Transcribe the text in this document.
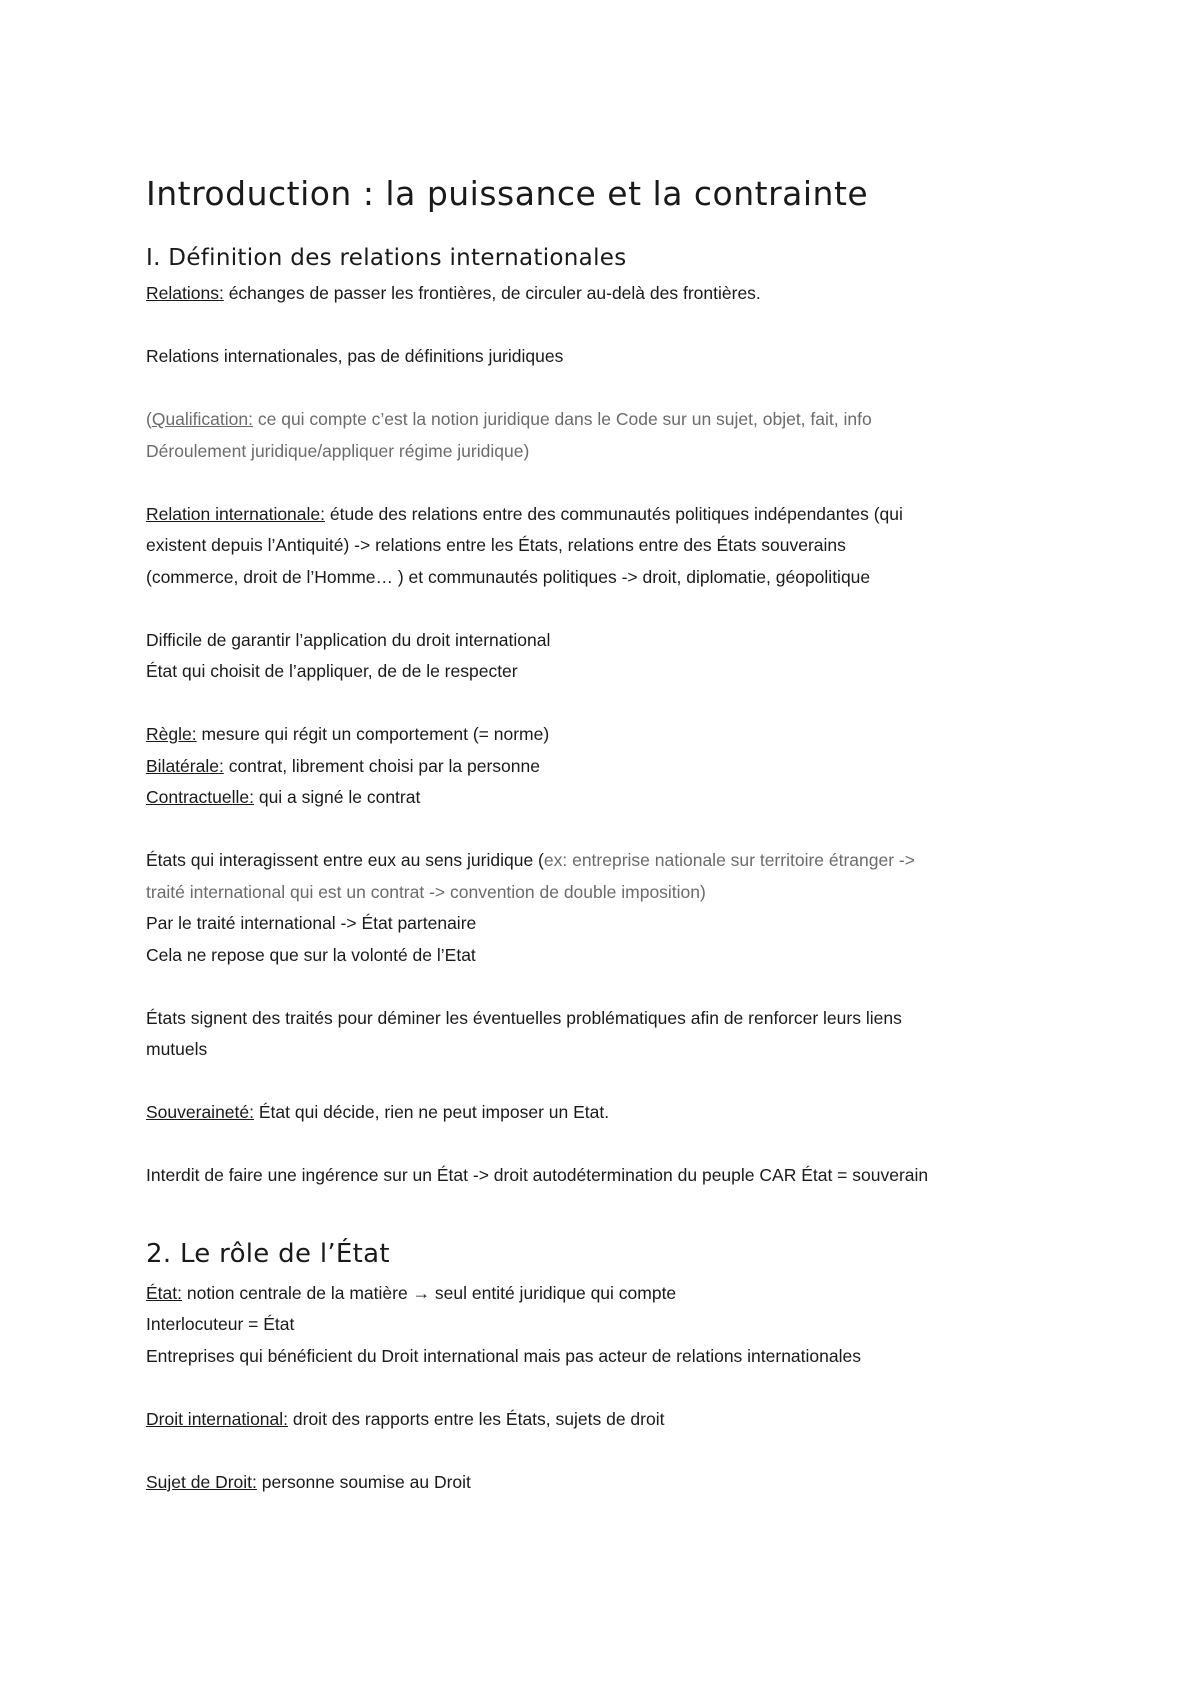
Introduction : la puissance et la contrainte
I. Définition des relations internationales

Relations: échanges de passer les frontières, de circuler au-delà des frontières.

Relations internationales, pas de définitions juridiques

(Qualification: ce qui compte c’est la notion juridique dans le Code sur un sujet, objet, fait, info
Déroulement juridique/appliquer régime juridique)

Relation internationale: étude des relations entre des communautés politiques indépendantes (qui
existent depuis l’Antiquité) -> relations entre les États, relations entre des États souverains
(commerce, droit de l’Homme… ) et communautés politiques -> droit, diplomatie, géopolitique

Difficile de garantir l’application du droit international
État qui choisit de l’appliquer, de de le respecter

Règle: mesure qui régit un comportement (= norme)
Bilatérale: contrat, librement choisi par la personne
Contractuelle: qui a signé le contrat

États qui interagissent entre eux au sens juridique (ex: entreprise nationale sur territoire étranger ->
traité international qui est un contrat -> convention de double imposition)
Par le traité international -> État partenaire
Cela ne repose que sur la volonté de l’Etat

États signent des traités pour déminer les éventuelles problématiques afin de renforcer leurs liens
mutuels

Souveraineté: État qui décide, rien ne peut imposer un Etat.

Interdit de faire une ingérence sur un État -> droit autodétermination du peuple CAR État = souverain

2. Le rôle de l’État

État: notion centrale de la matière → seul entité juridique qui compte
Interlocuteur = État
Entreprises qui bénéficient du Droit international mais pas acteur de relations internationales

Droit international: droit des rapports entre les États, sujets de droit

Sujet de Droit: personne soumise au Droit
